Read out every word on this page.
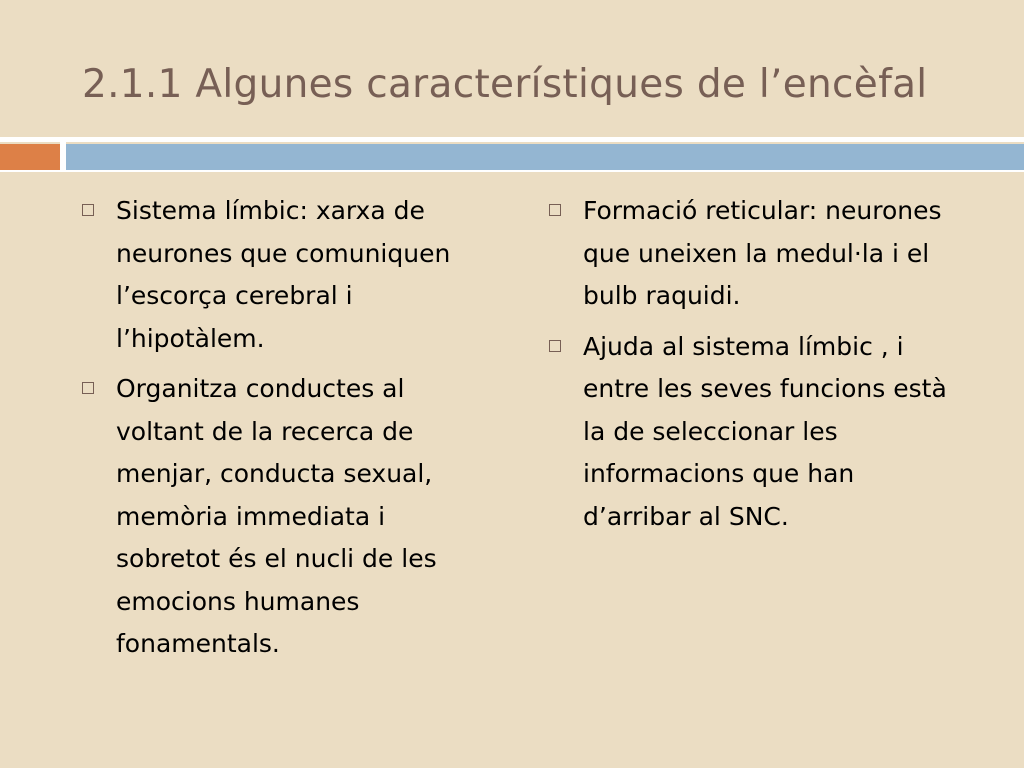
2.1.1 Algunes característiques de l’encèfal
Sistema límbic: xarxa de neurones que comuniquen l’escorça cerebral i l’hipotàlem.
Organitza conductes al voltant de la recerca de menjar, conducta sexual, memòria immediata i sobretot és el nucli de les emocions humanes fonamentals.
Formació reticular: neurones que uneixen la medul·la i el bulb raquidi.
Ajuda al sistema límbic , i entre les seves funcions està la de seleccionar les informacions que han d’arribar al SNC.
